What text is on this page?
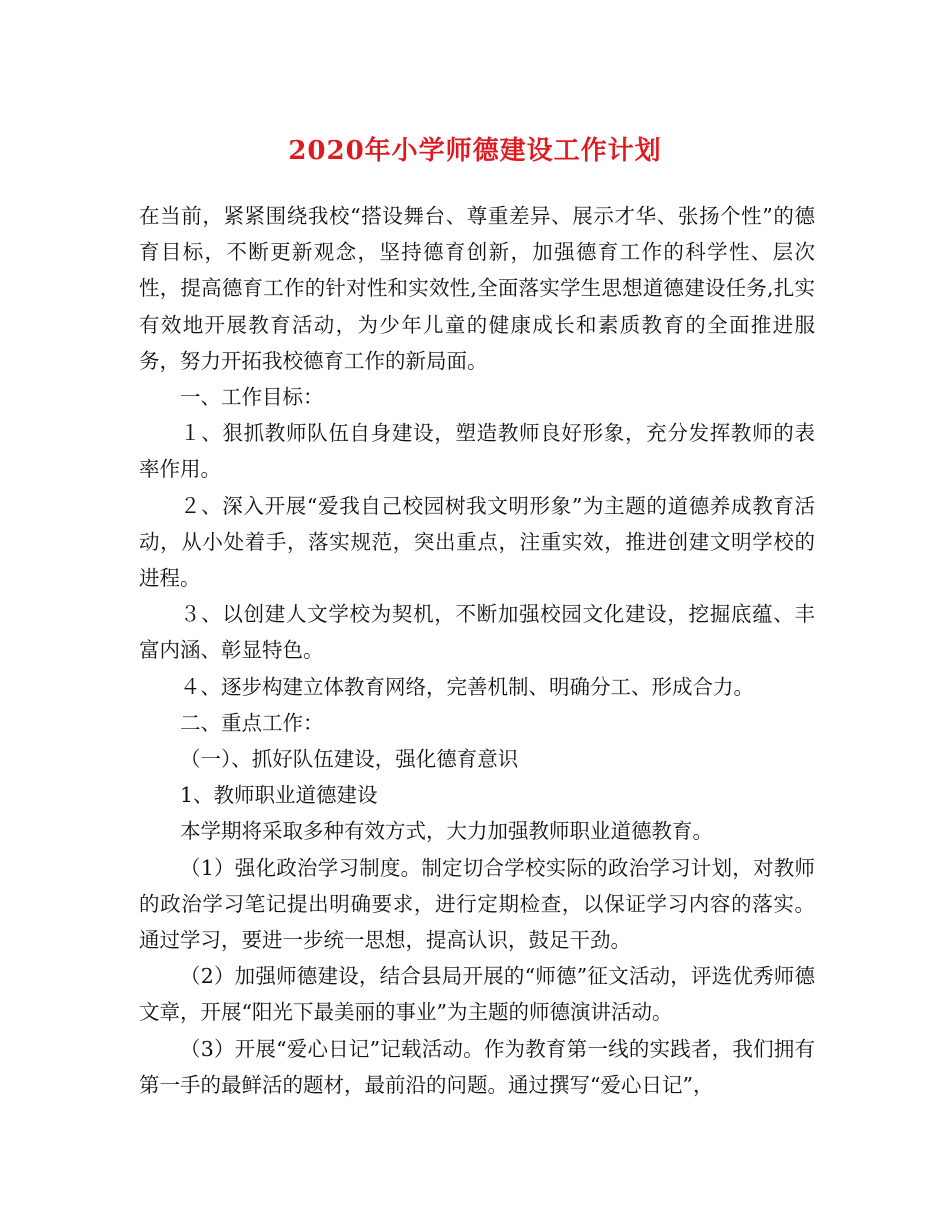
2020年小学师德建设工作计划

在当前，紧紧围绕我校“搭设舞台、尊重差异、展示才华、张扬个性”的德育目标，不断更新观念，坚持德育创新，加强德育工作的科学性、层次性，提高德育工作的针对性和实效性,全面落实学生思想道德建设任务,扎实有效地开展教育活动，为少年儿童的健康成长和素质教育的全面推进服务，努力开拓我校德育工作的新局面。

一、工作目标：

１、狠抓教师队伍自身建设，塑造教师良好形象，充分发挥教师的表率作用。

２、深入开展“爱我自己校园树我文明形象”为主题的道德养成教育活动，从小处着手，落实规范，突出重点，注重实效，推进创建文明学校的进程。

３、以创建人文学校为契机，不断加强校园文化建设，挖掘底蕴、丰富内涵、彰显特色。

４、逐步构建立体教育网络，完善机制、明确分工、形成合力。

二、重点工作：

（一）、抓好队伍建设，强化德育意识

1、教师职业道德建设

本学期将采取多种有效方式，大力加强教师职业道德教育。

（1）强化政治学习制度。制定切合学校实际的政治学习计划，对教师的政治学习笔记提出明确要求，进行定期检查，以保证学习内容的落实。通过学习，要进一步统一思想，提高认识，鼓足干劲。

（2）加强师德建设，结合县局开展的“师德”征文活动，评选优秀师德文章，开展“阳光下最美丽的事业”为主题的师德演讲活动。

（3）开展“爱心日记”记载活动。作为教育第一线的实践者，我们拥有第一手的最鲜活的题材，最前沿的问题。通过撰写“爱心日记”，
